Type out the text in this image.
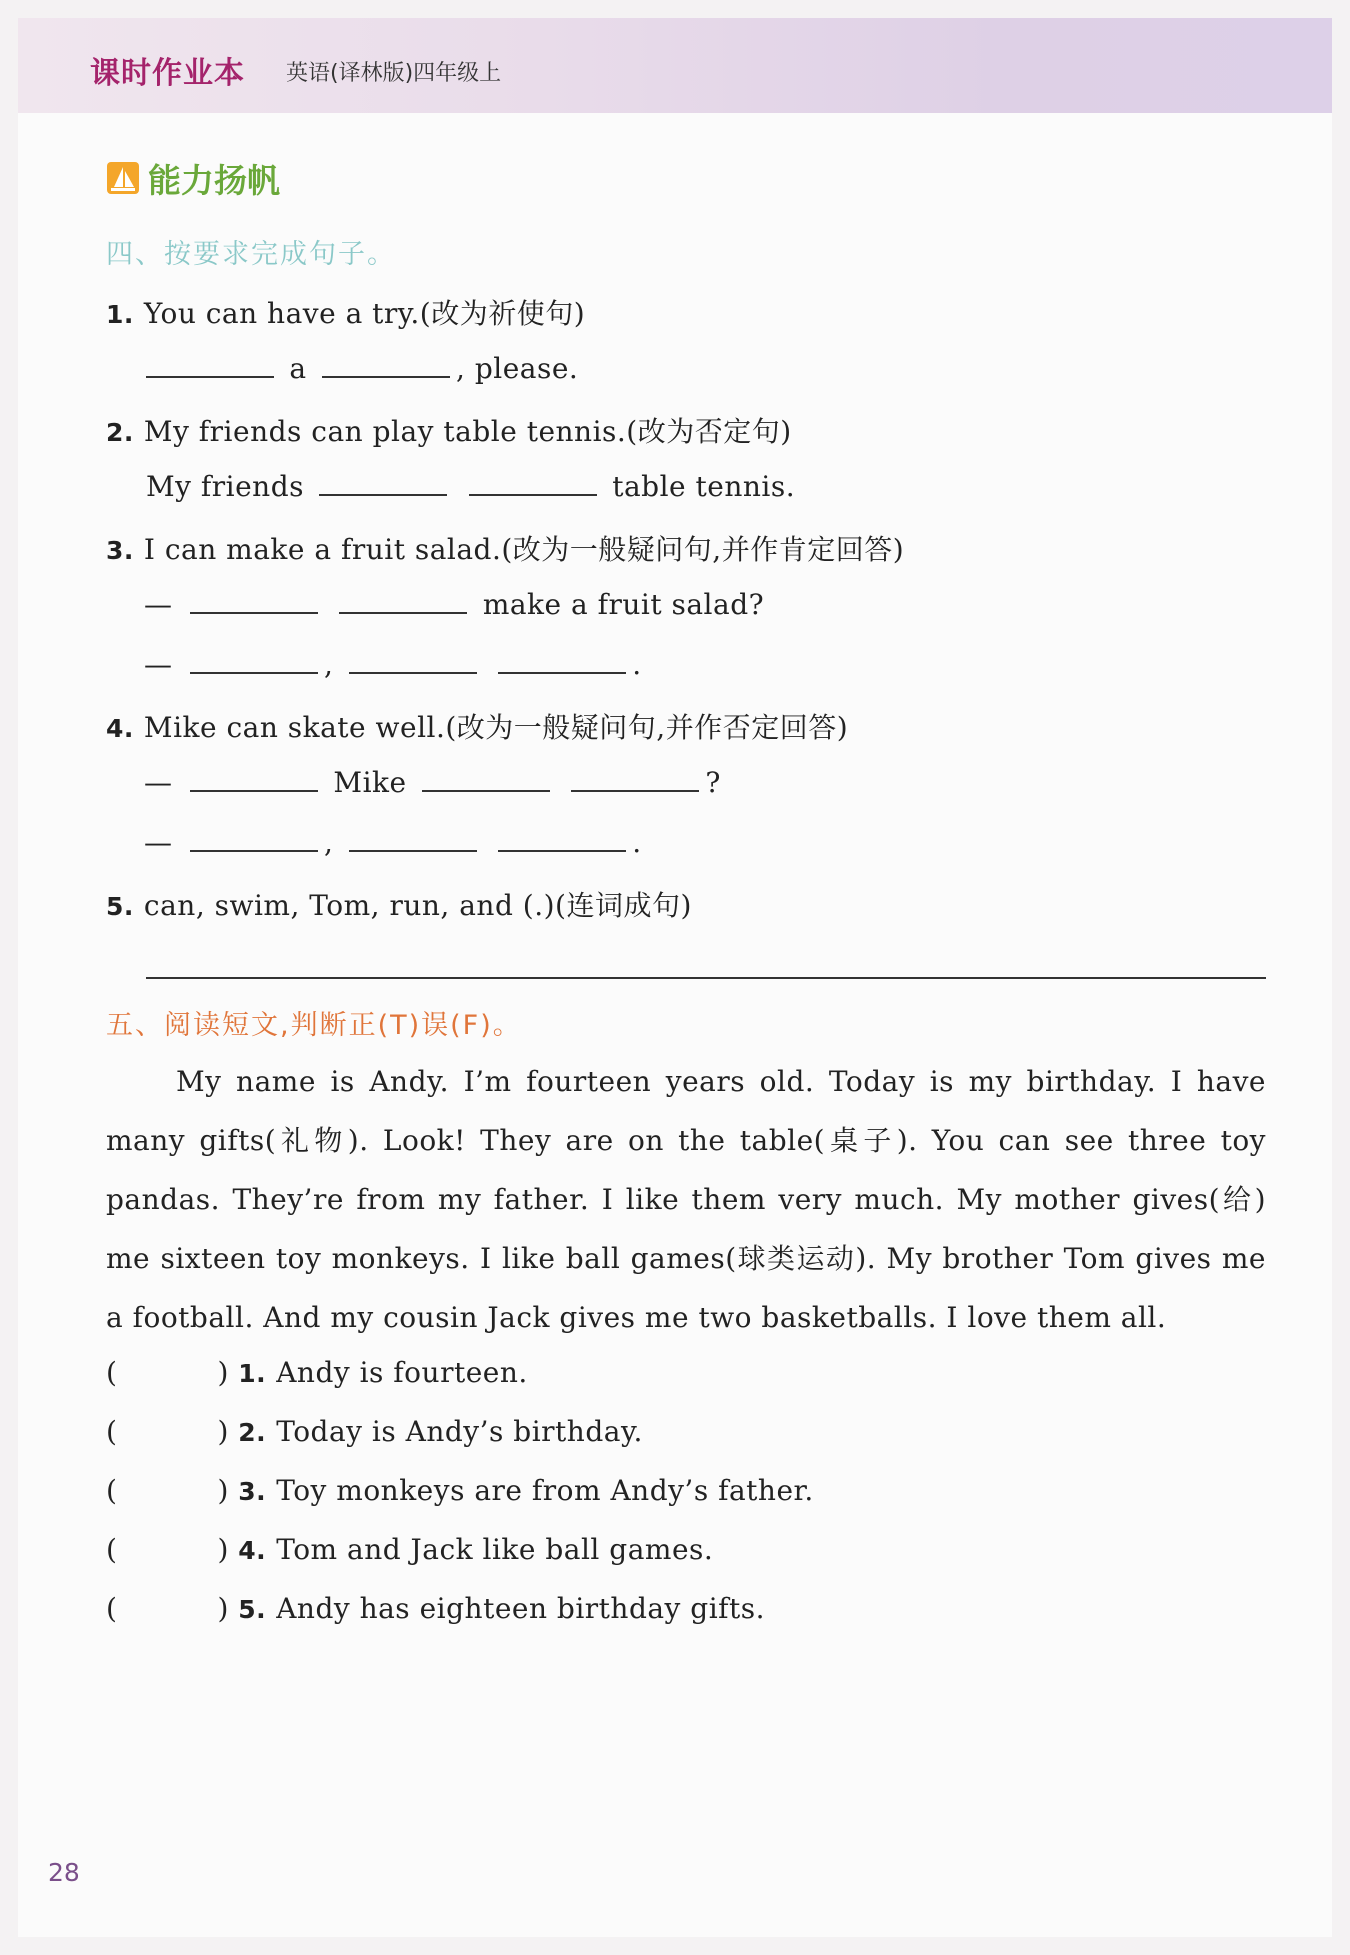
课时作业本 英语(译林版)四年级上
能力扬帆
四、按要求完成句子。
1. You can have a try.(改为祈使句)
a	, please.
2. My friends can play table tennis.(改为否定句)
My friends	table tennis.
3. I can make a fruit salad.(改为一般疑问句,并作肯定回答)
—	make a fruit salad?
—	,	.
4. Mike can skate well.(改为一般疑问句,并作否定回答)
—	Mike	?
—	,	.
5. can, swim, Tom, run, and (.)(连词成句)
五、阅读短文,判断正(T)误(F)。
My name is Andy. I’m fourteen years old. Today is my birthday. I have many gifts(礼物). Look! They are on the table(桌子). You can see three toy pandas. They’re from my father. I like them very much. My mother gives(给) me sixteen toy monkeys. I like ball games(球类运动). My brother Tom gives me a football. And my cousin Jack gives me two basketballs. I love them all.
(	) 1. Andy is fourteen.
(	) 2. Today is Andy’s birthday.
(	) 3. Toy monkeys are from Andy’s father.
(	) 4. Tom and Jack like ball games.
(	) 5. Andy has eighteen birthday gifts.
28
